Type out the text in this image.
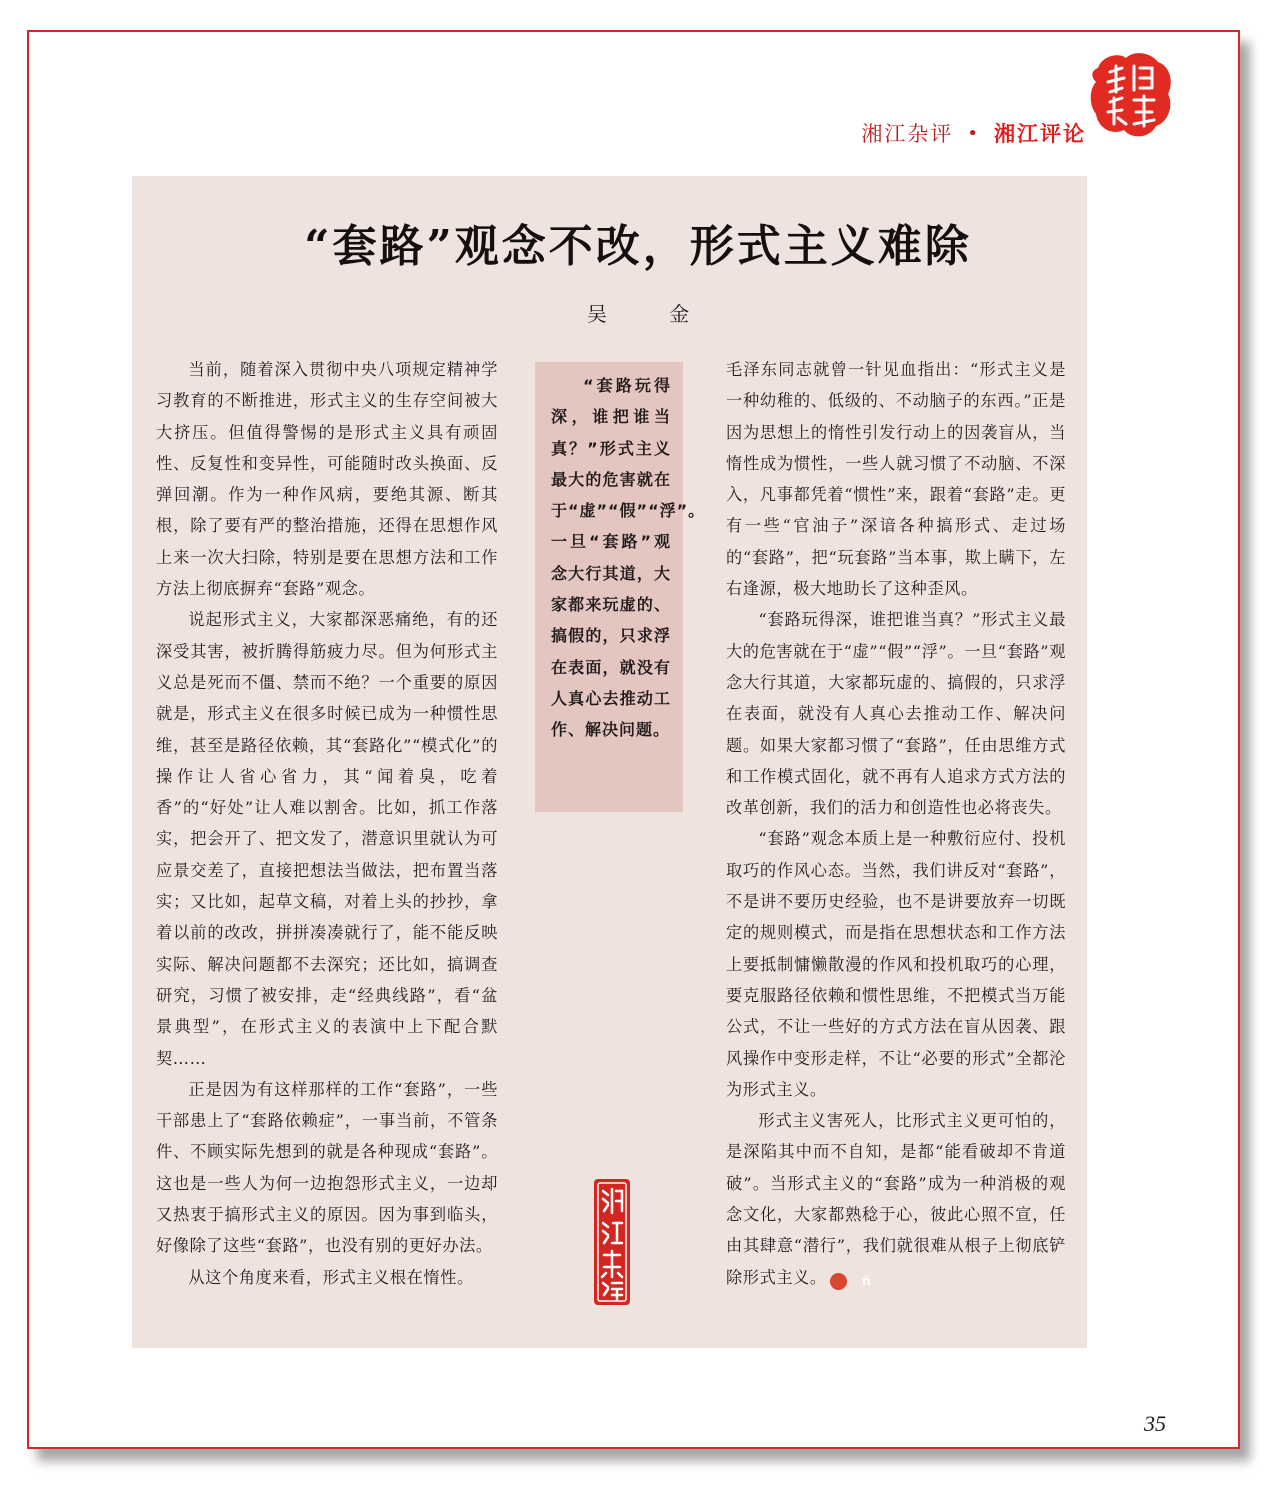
湘江杂评 • 湘江评论
“套路”观念不改，形式主义难除
吴 金

当前，随着深入贯彻中央八项规定精神学习教育的不断推进，形式主义的生存空间被大大挤压。但值得警惕的是形式主义具有顽固性、反复性和变异性，可能随时改头换面、反弹回潮。作为一种作风病，要绝其源、断其根，除了要有严的整治措施，还得在思想作风上来一次大扫除，特别是要在思想方法和工作方法上彻底摒弃“套路”观念。

说起形式主义，大家都深恶痛绝，有的还深受其害，被折腾得筋疲力尽。但为何形式主义总是死而不僵、禁而不绝？一个重要的原因就是，形式主义在很多时候已成为一种惯性思维，甚至是路径依赖，其“套路化”“模式化”的操作让人省心省力，其“闻着臭，吃着香”的“好处”让人难以割舍。比如，抓工作落实，把会开了、把文发了，潜意识里就认为可应景交差了，直接把想法当做法，把布置当落实；又比如，起草文稿，对着上头的抄抄，拿着以前的改改，拼拼凑凑就行了，能不能反映实际、解决问题都不去深究；还比如，搞调查研究，习惯了被安排，走“经典线路”，看“盆景典型”，在形式主义的表演中上下配合默契……

正是因为有这样那样的工作“套路”，一些干部患上了“套路依赖症”，一事当前，不管条件、不顾实际先想到的就是各种现成“套路”。这也是一些人为何一边抱怨形式主义，一边却又热衷于搞形式主义的原因。因为事到临头，好像除了这些“套路”，也没有别的更好办法。

从这个角度来看，形式主义根在惰性。

“套路玩得深，谁把谁当真？”形式主义最大的危害就在于“虚”“假”“浮”。一旦“套路”观念大行其道，大家都来玩虚的、搞假的，只求浮在表面，就没有人真心去推动工作、解决问题。

毛泽东同志就曾一针见血指出：“形式主义是一种幼稚的、低级的、不动脑子的东西。”正是因为思想上的惰性引发行动上的因袭盲从，当惰性成为惯性，一些人就习惯了不动脑、不深入，凡事都凭着“惯性”来，跟着“套路”走。更有一些“官油子”深谙各种搞形式、走过场的“套路”，把“玩套路”当本事，欺上瞒下，左右逢源，极大地助长了这种歪风。

“套路玩得深，谁把谁当真？”形式主义最大的危害就在于“虚”“假”“浮”。一旦“套路”观念大行其道，大家都玩虚的、搞假的，只求浮在表面，就没有人真心去推动工作、解决问题。如果大家都习惯了“套路”，任由思维方式和工作模式固化，就不再有人追求方式方法的改革创新，我们的活力和创造性也必将丧失。

“套路”观念本质上是一种敷衍应付、投机取巧的作风心态。当然，我们讲反对“套路”，不是讲不要历史经验，也不是讲要放弃一切既定的规则模式，而是指在思想状态和工作方法上要抵制慵懒散漫的作风和投机取巧的心理，要克服路径依赖和惯性思维，不把模式当万能公式，不让一些好的方式方法在盲从因袭、跟风操作中变形走样，不让“必要的形式”全都沦为形式主义。

形式主义害死人，比形式主义更可怕的，是深陷其中而不自知，是都“能看破却不肯道破”。当形式主义的“套路”成为一种消极的观念文化，大家都熟稔于心，彼此心照不宣，任由其肆意“潜行”，我们就很难从根子上彻底铲除形式主义。	ñ

35
